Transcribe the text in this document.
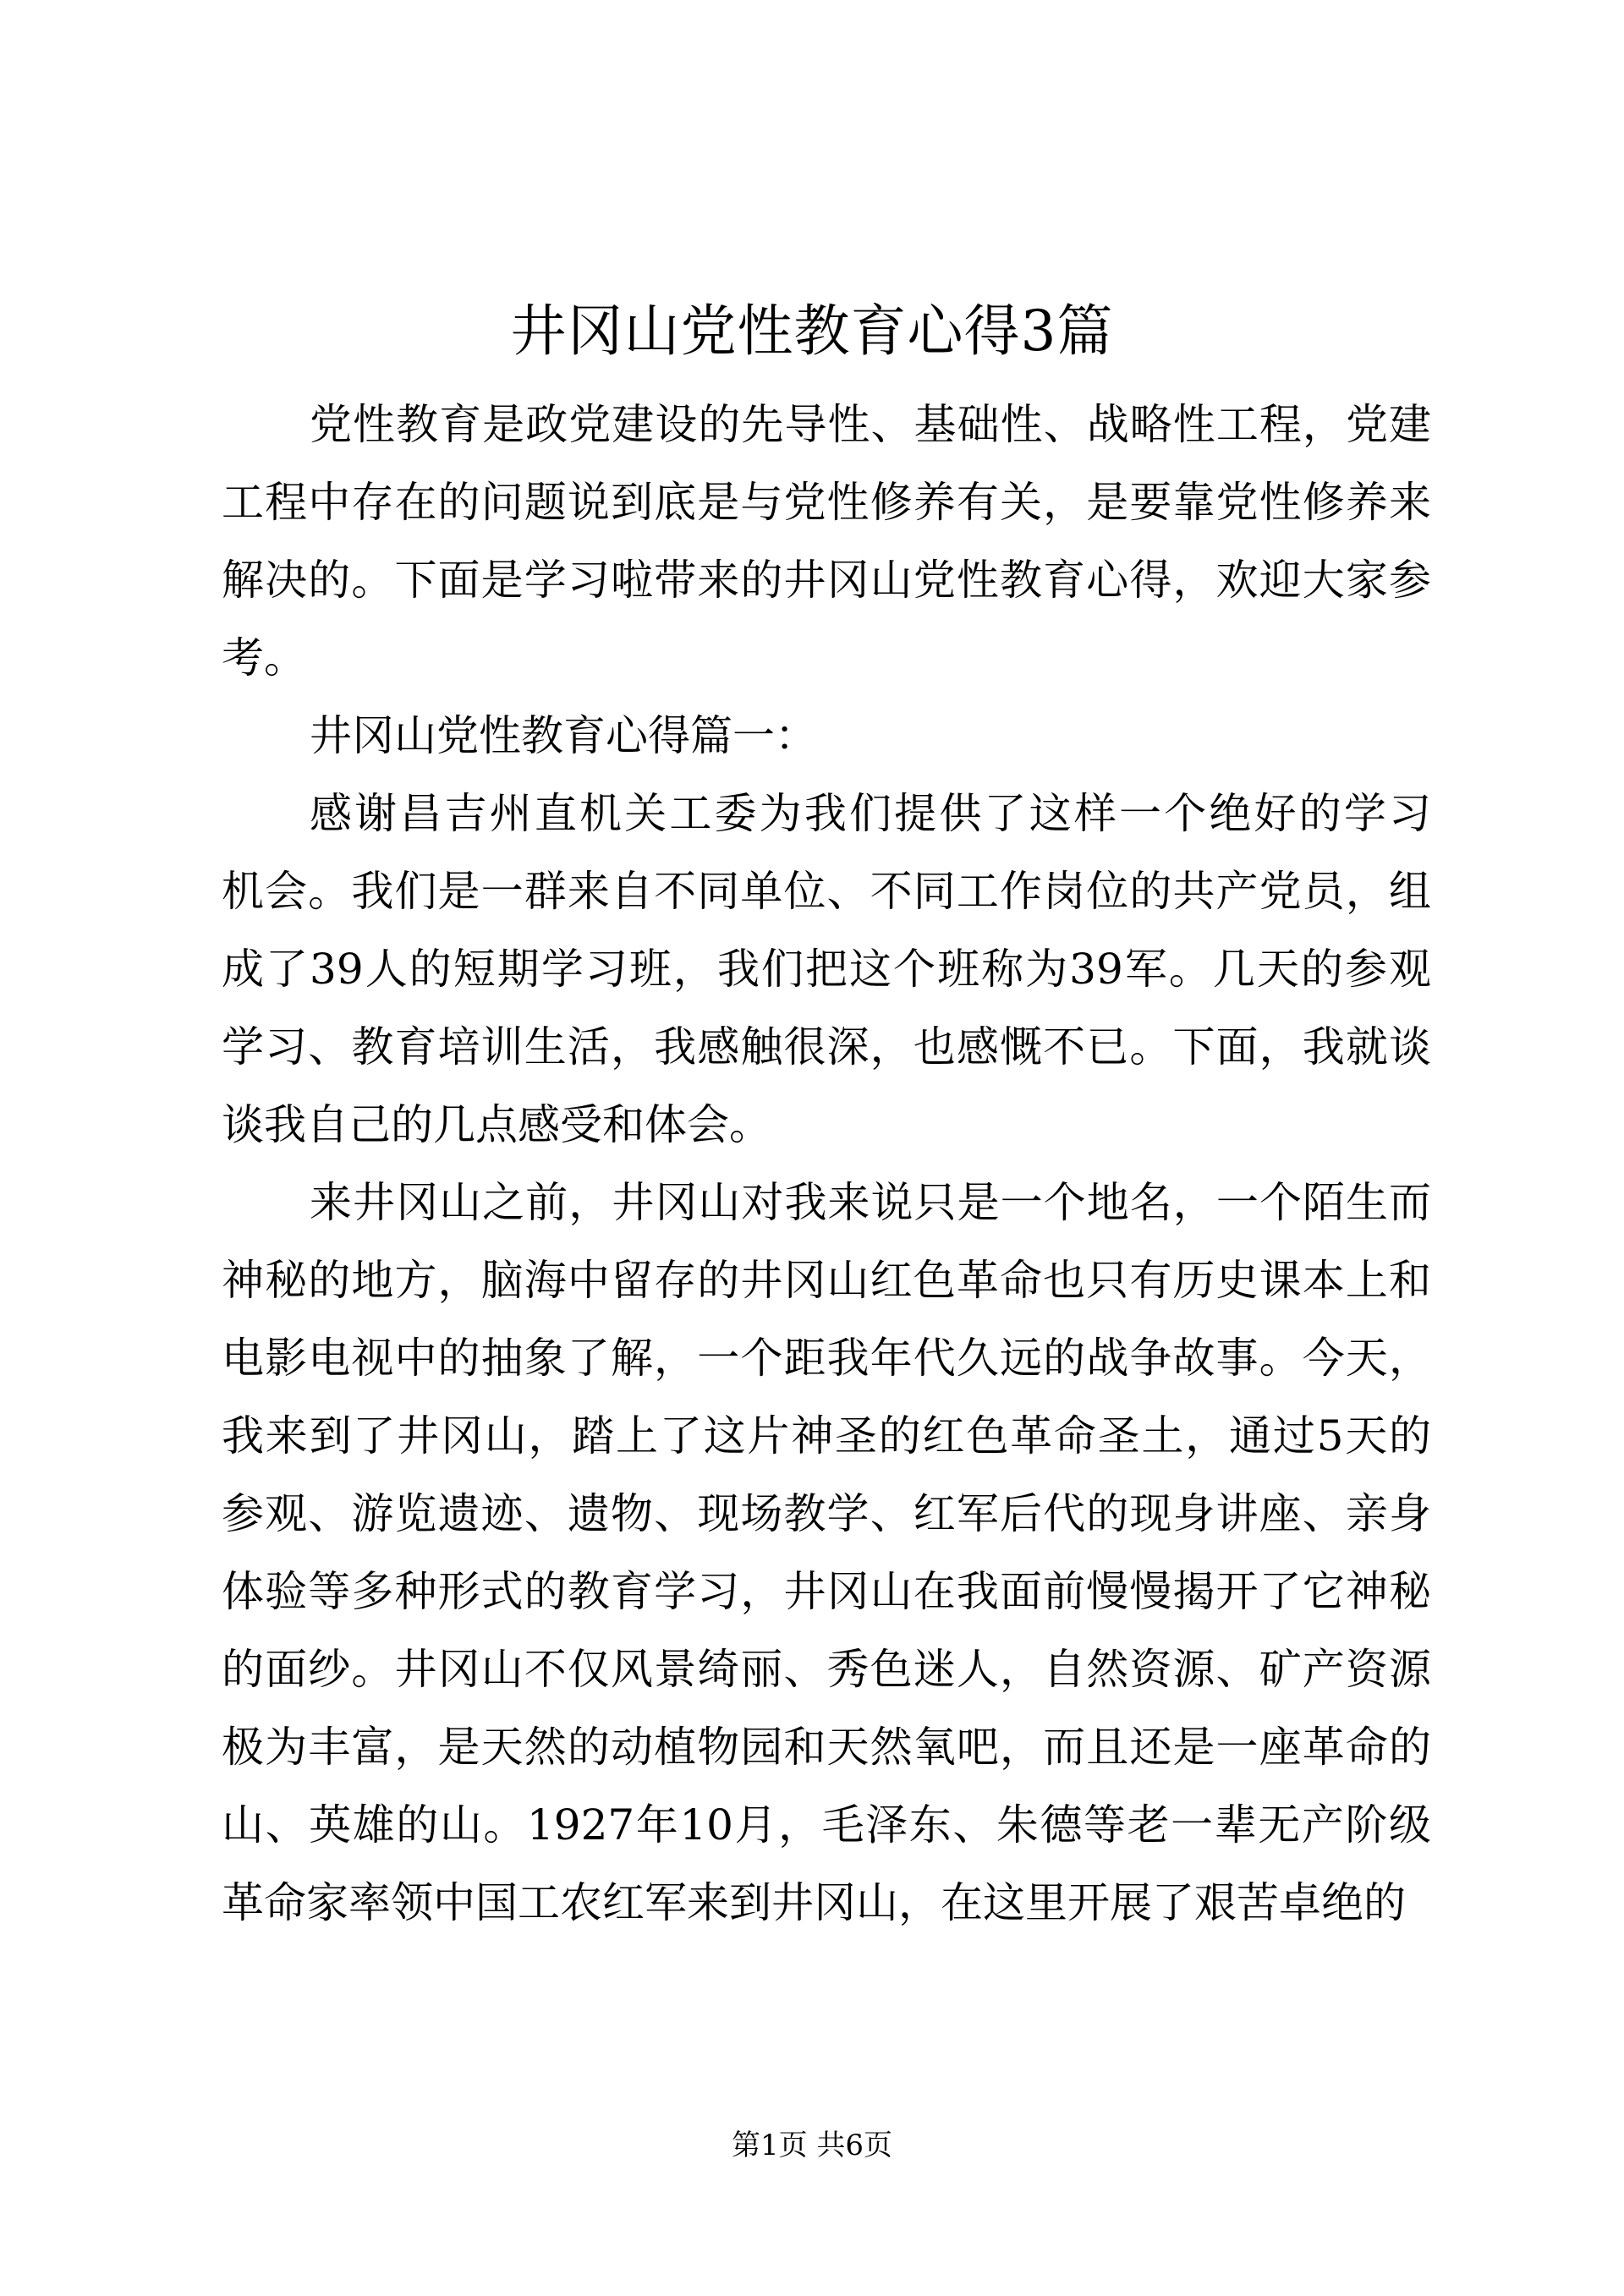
井冈山党性教育心得3篇
党性教育是政党建设的先导性、基础性、战略性工程，党建
工程中存在的问题说到底是与党性修养有关，是要靠党性修养来
解决的。下面是学习啦带来的井冈山党性教育心得，欢迎大家参
考。
井冈山党性教育心得篇一：
感谢昌吉州直机关工委为我们提供了这样一个绝好的学习
机会。我们是一群来自不同单位、不同工作岗位的共产党员，组
成了39人的短期学习班，我们把这个班称为39军。几天的参观
学习、教育培训生活，我感触很深，也感慨不已。下面，我就谈
谈我自己的几点感受和体会。
来井冈山之前，井冈山对我来说只是一个地名，一个陌生而
神秘的地方，脑海中留存的井冈山红色革命也只有历史课本上和
电影电视中的抽象了解，一个距我年代久远的战争故事。今天，
我来到了井冈山，踏上了这片神圣的红色革命圣土，通过5天的
参观、游览遗迹、遗物、现场教学、红军后代的现身讲座、亲身
体验等多种形式的教育学习，井冈山在我面前慢慢揭开了它神秘
的面纱。井冈山不仅风景绮丽、秀色迷人，自然资源、矿产资源
极为丰富，是天然的动植物园和天然氧吧，而且还是一座革命的
山、英雄的山。1927年10月，毛泽东、朱德等老一辈无产阶级
革命家率领中国工农红军来到井冈山，在这里开展了艰苦卓绝的
第1页 共6页
